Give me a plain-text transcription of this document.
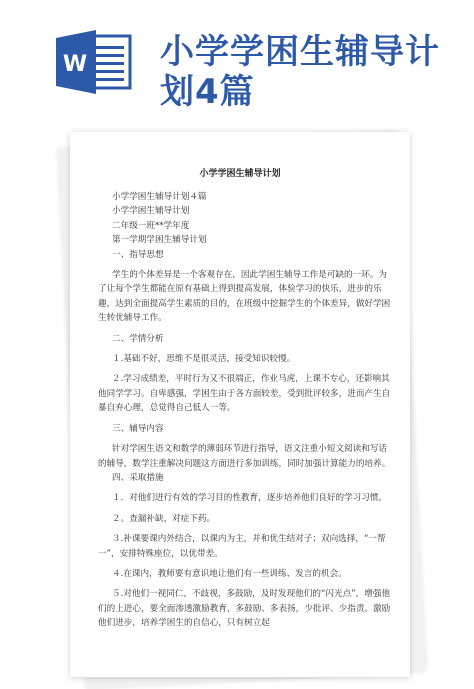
W 小学学困生辅导计
划4篇
小学学困生辅导计划

小学学困生辅导计划４篇

小学学困生辅导计划

二年级一班**学年度

第一学期学困生辅导计划

一、指导思想

学生的个体差异是一个客观存在，因此学困生辅导工作是可缺的一环。为了让每个学生都能在原有基础上得到提高发展，体验学习的快乐，进步的乐趣，达到全面提高学生素质的目的，在班级中挖掘学生的个体差异，做好学困生转优辅导工作。

二、学情分析

１.基础不好，思维不是很灵活，接受知识较慢。

２.学习成绩差，平时行为又不很端正，作业马虎，上课不专心，还影响其他同学学习。自卑感强，学困生由于各方面较差，受到批评较多，进而产生自暴自弃心理，总觉得自己低人一等。

三、辅导内容

针对学困生语文和数学的薄弱环节进行指导，语文注重小短文阅读和写话的辅导，数学注重解决问题这方面进行多加训练，同时加强计算能力的培养。

四、采取措施

１．对他们进行有效的学习目的性教育，逐步培养他们良好的学习习惯。

２。查漏补缺，对症下药。

３.补课要课内外结合，以课内为主，并和优生结对子；双向选择，“一帮一”，安排特殊座位，以优带差。

４.在课内，教师要有意识地让他们有一些训练、发言的机会。

５.对他们一视同仁，不歧视，多鼓励，及时发现他们的“闪光点”，增强他们的上进心，要全面渗透激励教育，多鼓励、多表扬，少批评、少指责。激励他们进步，培养学困生的自信心，只有树立起
